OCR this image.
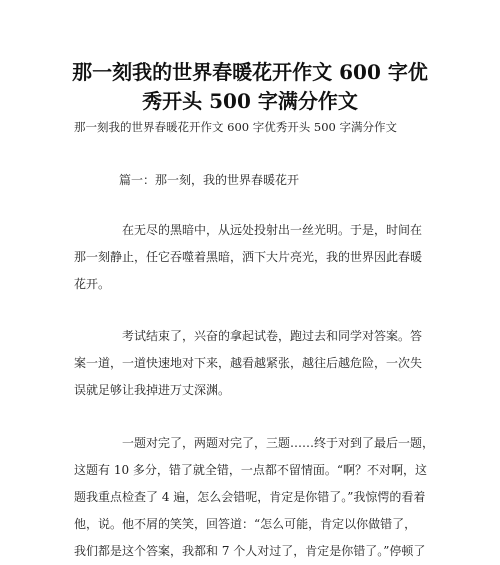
那一刻我的世界春暖花开作文 600 字优
秀开头 500 字满分作文

那一刻我的世界春暖花开作文 600 字优秀开头 500 字满分作文

篇一：那一刻，我的世界春暖花开

在无尽的黑暗中，从远处投射出一丝光明。于是，时间在
那一刻静止，任它吞噬着黑暗，洒下大片亮光，我的世界因此春暖
花开。
考试结束了，兴奋的拿起试卷，跑过去和同学对答案。答
案一道，一道快速地对下来，越看越紧张，越往后越危险，一次失
误就足够让我掉进万丈深渊。
一题对完了，两题对完了，三题……终于对到了最后一题，
这题有 10 多分，错了就全错，一点都不留情面。“啊？不对啊，这
题我重点检查了 4 遍，怎么会错呢，肯定是你错了。”我惊愕的看着
他，说。他不屑的笑笑，回答道：“怎么可能，肯定以你做错了，
我们都是这个答案，我都和 7 个人对过了，肯定是你错了。”停顿了
